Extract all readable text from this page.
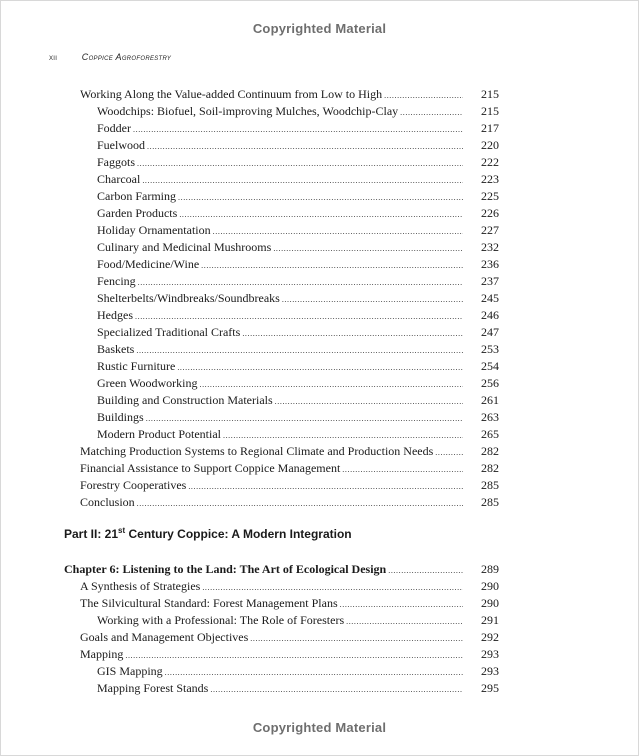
Copyrighted Material
xii	Coppice Agroforestry
Working Along the Value-added Continuum from Low to High .....	215
Woodchips: Biofuel, Soil-improving Mulches, Woodchip-Clay .....	215
Fodder .....	217
Fuelwood .....	220
Faggots .....	222
Charcoal .....	223
Carbon Farming .....	225
Garden Products .....	226
Holiday Ornamentation .....	227
Culinary and Medicinal Mushrooms .....	232
Food/Medicine/Wine .....	236
Fencing .....	237
Shelterbelts/Windbreaks/Soundbreaks .....	245
Hedges .....	246
Specialized Traditional Crafts .....	247
Baskets .....	253
Rustic Furniture .....	254
Green Woodworking .....	256
Building and Construction Materials .....	261
Buildings .....	263
Modern Product Potential .....	265
Matching Production Systems to Regional Climate and Production Needs .....	282
Financial Assistance to Support Coppice Management .....	282
Forestry Cooperatives .....	285
Conclusion .....	285
Part II: 21st Century Coppice: A Modern Integration
Chapter 6: Listening to the Land: The Art of Ecological Design .....	289
A Synthesis of Strategies .....	290
The Silvicultural Standard: Forest Management Plans .....	290
Working with a Professional: The Role of Foresters .....	291
Goals and Management Objectives .....	292
Mapping .....	293
GIS Mapping .....	293
Mapping Forest Stands .....	295
Copyrighted Material
